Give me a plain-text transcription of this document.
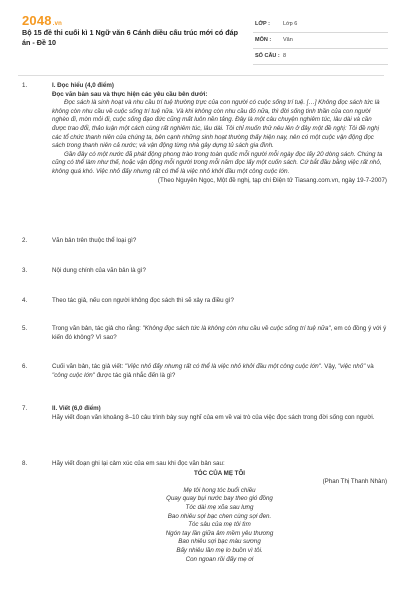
2048.vn
Bộ 15 đề thi cuối kì 1 Ngữ văn 6 Cánh diều cấu trúc mới có đáp án - Đề 10
LỚP : Lớp 6
MÔN : Văn
SỐ CÂU : 8
1.	I. Đọc hiểu (4,0 điểm)

Đọc văn bản sau và thực hiện các yêu cầu bên dưới:

Đọc sách là sinh hoạt và nhu cầu trí tuệ thường trực của con người có cuộc sống trí tuệ. […] Không đọc sách tức là không còn nhu cầu về cuộc sống trí tuệ nữa. Và khi không còn nhu cầu đó nữa, thì đời sống tinh thần của con người nghèo đi, mòn mỏi đi, cuộc sống đạo đức cũng mất luôn nền tảng. Đây là một câu chuyện nghiêm túc, lâu dài và cần được trao đổi, thảo luận một cách cùng rất nghiêm túc, lâu dài. Tôi chỉ muốn thử nêu lên ở đây một đề nghị: Tôi đề nghị các tổ chức thanh niên của chúng ta, bên cạnh những sinh hoạt thường thấy hiện nay, nên có một cuộc vận động đọc sách trong thanh niên cả nước; và vận động từng nhà gây dựng tủ sách gia đình.

Gần đây có một nước đã phát động phong trào trong toàn quốc mỗi người mỗi ngày đọc lấy 20 dòng sách. Chúng ta cũng có thể làm như thế, hoặc vận động mỗi người trong mỗi năm đọc lấy một cuốn sách. Cứ bắt đầu bằng việc rất nhỏ, không quá khó. Việc nhỏ đấy nhưng rất có thể là việc nhỏ khởi đầu một công cuộc lớn.

(Theo Nguyên Ngọc, Một đề nghị, tạp chí Điện tử Tiasang.com.vn, ngày 19-7-2007)

2.	Văn bản trên thuộc thể loại gì?
3.	Nội dung chính của văn bản là gì?
4.	Theo tác giả, nếu con người không đọc sách thì sẽ xảy ra điều gì?
5.	Trong văn bản, tác giả cho rằng: "Không đọc sách tức là không còn nhu cầu về cuộc sống trí tuệ nữa", em có đồng ý với ý kiến đó không? Vì sao?
6.	Cuối văn bản, tác giả viết: "Việc nhỏ đấy nhưng rất có thể là việc nhỏ khởi đầu một công cuộc lớn". Vậy, "việc nhỏ" và "công cuộc lớn" được tác giả nhắc đến là gì?
7.	II. Viết (6,0 điểm)

Hãy viết đoạn văn khoảng 8–10 câu trình bày suy nghĩ của em về vai trò của việc đọc sách trong đời sống con người.

8.	Hãy viết đoạn ghi lại cảm xúc của em sau khi đọc văn bản sau:

TÓC CỦA MẸ TÔI

(Phan Thị Thanh Nhàn)

Mẹ tôi hong tóc buổi chiều

Quay quay bụi nước bay theo gió đồng

Tóc dài mẹ xõa sau lưng

Bao nhiêu sợi bạc chen cùng sợi đen.

Tóc sâu của mẹ tôi tìm

Ngón tay lần giữa âm mềm yêu thương

Bao nhiêu sợi bạc màu sương

Bấy nhiêu lần mẹ lo buồn vì tôi.

Con ngoan rồi đấy mẹ ơi
